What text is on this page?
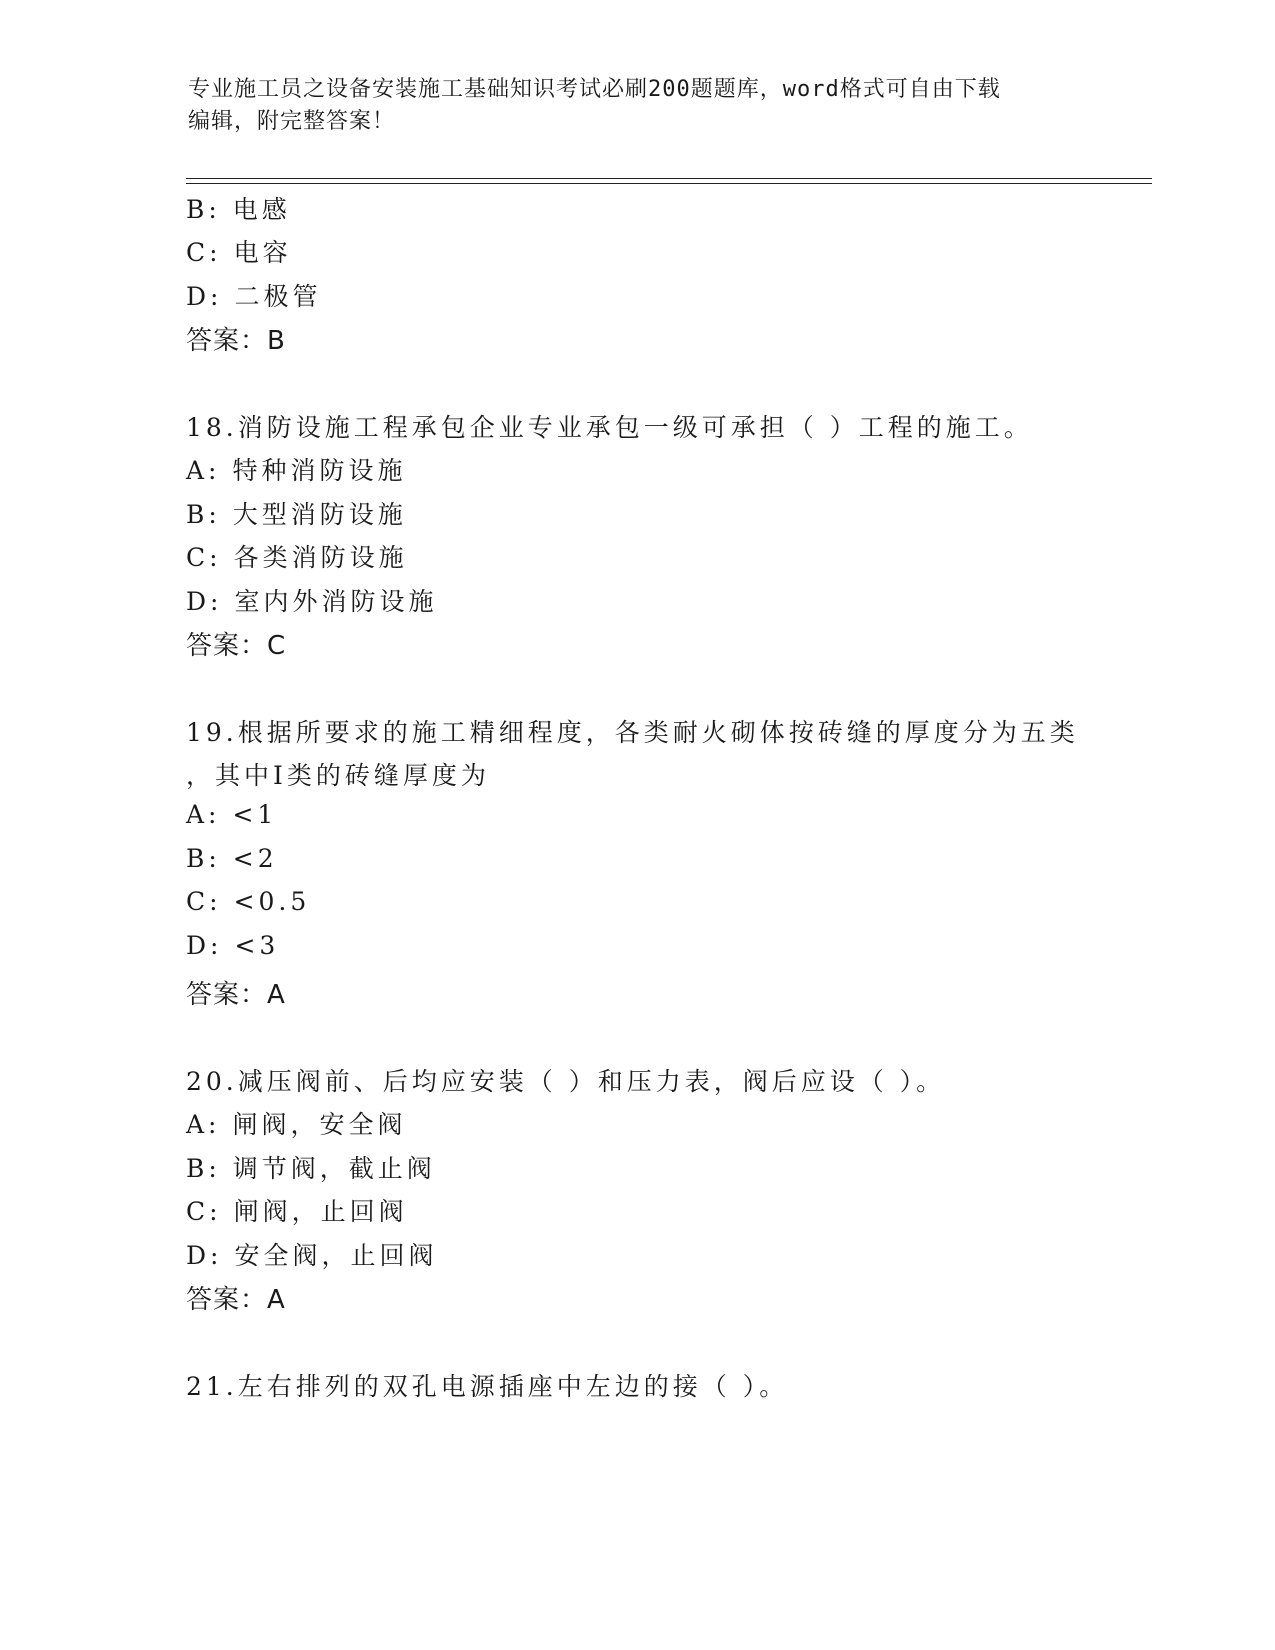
专业施工员之设备安装施工基础知识考试必刷200题题库，word格式可自由下载
编辑，附完整答案！
B: 电感
C: 电容
D: 二极管
答案：B
18.消防设施工程承包企业专业承包一级可承担（ ）工程的施工。
A: 特种消防设施
B: 大型消防设施
C: 各类消防设施
D: 室内外消防设施
答案：C
19.根据所要求的施工精细程度，各类耐火砌体按砖缝的厚度分为五类
，其中Ⅰ类的砖缝厚度为
A: <1
B: <2
C: <0.5
D: <3
答案：A
20.减压阀前、后均应安装（ ）和压力表，阀后应设（ ）。
A: 闸阀，安全阀
B: 调节阀，截止阀
C: 闸阀，止回阀
D: 安全阀，止回阀
答案：A
21.左右排列的双孔电源插座中左边的接（ ）。
